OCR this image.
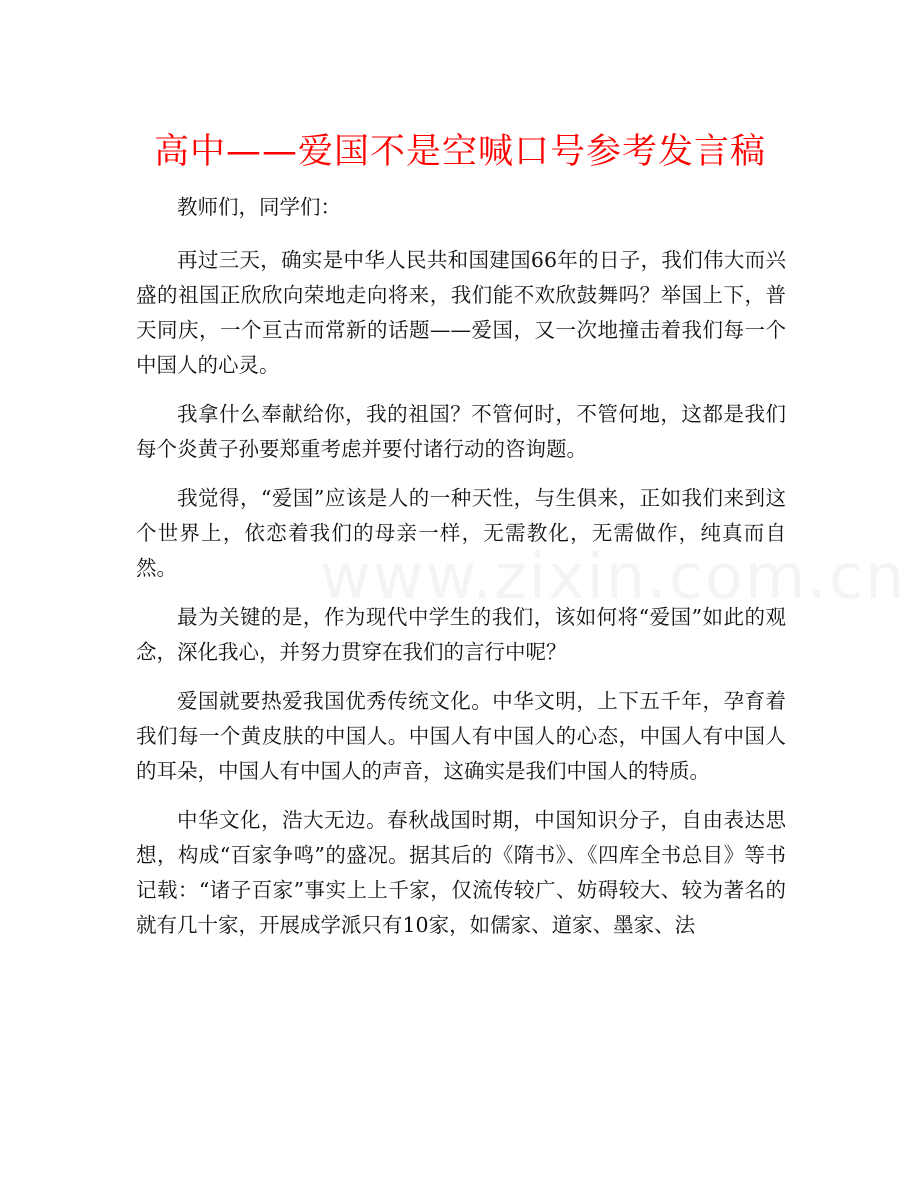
高中——爱国不是空喊口号参考发言稿

教师们，同学们：

再过三天，确实是中华人民共和国建国66年的日子，我们伟大而兴盛的祖国正欣欣向荣地走向将来，我们能不欢欣鼓舞吗？举国上下，普天同庆，一个亘古而常新的话题——爱国，又一次地撞击着我们每一个中国人的心灵。

我拿什么奉献给你，我的祖国？不管何时，不管何地，这都是我们每个炎黄子孙要郑重考虑并要付诸行动的咨询题。

我觉得，“爱国”应该是人的一种天性，与生俱来，正如我们来到这个世界上，依恋着我们的母亲一样，无需教化，无需做作，纯真而自然。

最为关键的是，作为现代中学生的我们，该如何将“爱国”如此的观念，深化我心，并努力贯穿在我们的言行中呢？

爱国就要热爱我国优秀传统文化。中华文明，上下五千年，孕育着我们每一个黄皮肤的中国人。中国人有中国人的心态，中国人有中国人的耳朵，中国人有中国人的声音，这确实是我们中国人的特质。

中华文化，浩大无边。春秋战国时期，中国知识分子，自由表达思想，构成“百家争鸣”的盛况。据其后的《隋书》、《四库全书总目》等书记载：“诸子百家”事实上上千家，仅流传较广、妨碍较大、较为著名的就有几十家，开展成学派只有10家，如儒家、道家、墨家、法
